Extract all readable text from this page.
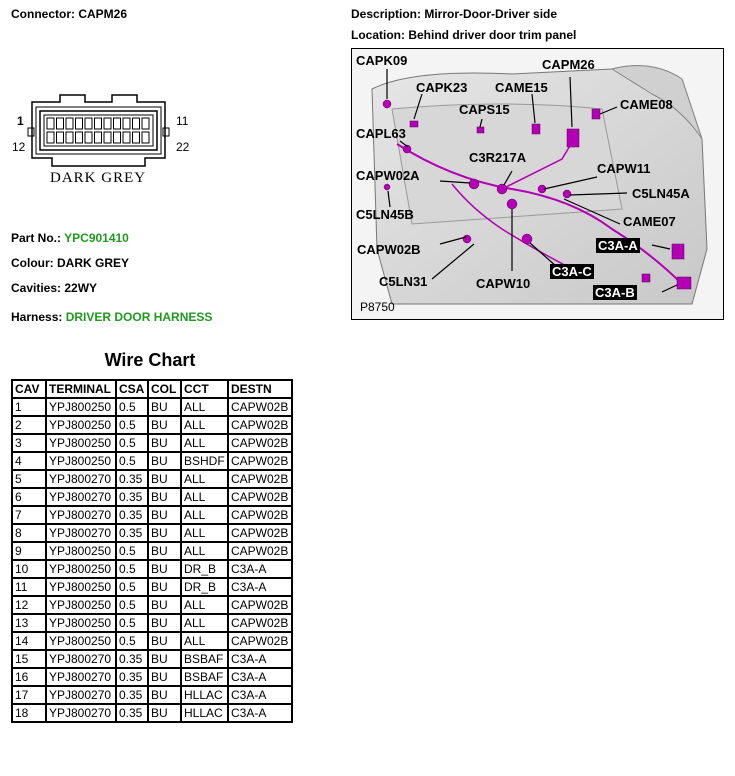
Connector: CAPM26	Description: Mirror-Door-Driver side
Location: Behind driver door trim panel
1	11
12	22
DARK GREY
Part No.: YPC901410
Colour: DARK GREY
Cavities: 22WY
Harness: DRIVER DOOR HARNESS
CAPK09
CAPK23 CAME15
CAPM26
CAPS15	CAME08
CAPL63
C3R217A
CAPW11
CAPW02A
C5LN45A
C5LN45B	CAME07
CAPW02B	C3A-A
C5LN31
C3A-C
CAPW10
C3A-B
P8750
Wire Chart
CAV	TERMINAL	CSA	COL	CCT	DESTN
1	YPJ800250	0.5	BU	ALL	CAPW02B
2	YPJ800250	0.5	BU	ALL	CAPW02B
3	YPJ800250	0.5	BU	ALL	CAPW02B
4	YPJ800250	0.5	BU	BSHDF	CAPW02B
5	YPJ800270	0.35	BU	ALL	CAPW02B
6	YPJ800270	0.35	BU	ALL	CAPW02B
7	YPJ800270	0.35	BU	ALL	CAPW02B
8	YPJ800270	0.35	BU	ALL	CAPW02B
9	YPJ800250	0.5	BU	ALL	CAPW02B
10	YPJ800250	0.5	BU	DR_B	C3A-A
11	YPJ800250	0.5	BU	DR_B	C3A-A
12	YPJ800250	0.5	BU	ALL	CAPW02B
13	YPJ800250	0.5	BU	ALL	CAPW02B
14	YPJ800250	0.5	BU	ALL	CAPW02B
15	YPJ800270	0.35	BU	BSBAF	C3A-A
16	YPJ800270	0.35	BU	BSBAF	C3A-A
17	YPJ800270	0.35	BU	HLLAC	C3A-A
18	YPJ800270	0.35	BU	HLLAC	C3A-A
